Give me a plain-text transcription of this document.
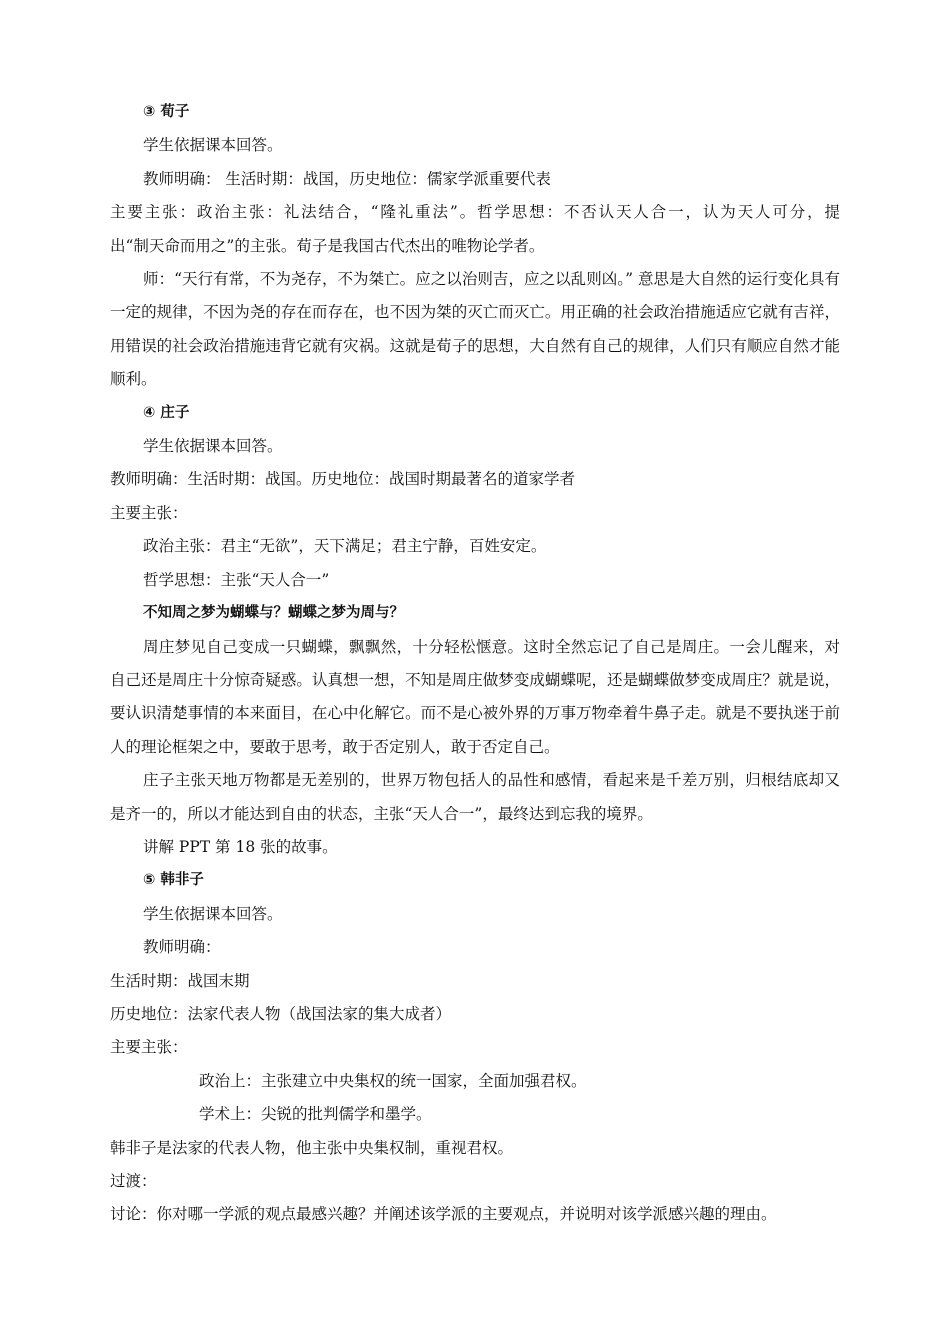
③ 荀子

学生依据课本回答。

教师明确： 生活时期：战国，历史地位：儒家学派重要代表

主要主张：政治主张：礼法结合，“隆礼重法”。哲学思想：不否认天人合一，认为天人可分，提

出“制天命而用之”的主张。荀子是我国古代杰出的唯物论学者。

师：“天行有常，不为尧存，不为桀亡。应之以治则吉，应之以乱则凶。” 意思是大自然的运行变化具有一定的规律，不因为尧的存在而存在，也不因为桀的灭亡而灭亡。用正确的社会政治措施适应它就有吉祥，用错误的社会政治措施违背它就有灾祸。这就是荀子的思想，大自然有自己的规律，人们只有顺应自然才能顺利。

④ 庄子

学生依据课本回答。

教师明确：生活时期：战国。历史地位：战国时期最著名的道家学者

主要主张：

政治主张：君主“无欲”，天下满足；君主宁静，百姓安定。

哲学思想：主张“天人合一”

不知周之梦为蝴蝶与？蝴蝶之梦为周与？

周庄梦见自己变成一只蝴蝶，飘飘然，十分轻松惬意。这时全然忘记了自己是周庄。一会儿醒来，对自己还是周庄十分惊奇疑惑。认真想一想，不知是周庄做梦变成蝴蝶呢，还是蝴蝶做梦变成周庄？就是说，要认识清楚事情的本来面目，在心中化解它。而不是心被外界的万事万物牵着牛鼻子走。就是不要执迷于前人的理论框架之中，要敢于思考，敢于否定别人，敢于否定自己。

庄子主张天地万物都是无差别的，世界万物包括人的品性和感情，看起来是千差万别，归根结底却又是齐一的，所以才能达到自由的状态，主张“天人合一”，最终达到忘我的境界。

讲解 PPT 第 18 张的故事。

⑤ 韩非子

学生依据课本回答。

教师明确：

生活时期：战国末期

历史地位：法家代表人物（战国法家的集大成者）

主要主张：

政治上：主张建立中央集权的统一国家，全面加强君权。

学术上：尖锐的批判儒学和墨学。

韩非子是法家的代表人物，他主张中央集权制，重视君权。

过渡：

讨论：你对哪一学派的观点最感兴趣？并阐述该学派的主要观点，并说明对该学派感兴趣的理由。
